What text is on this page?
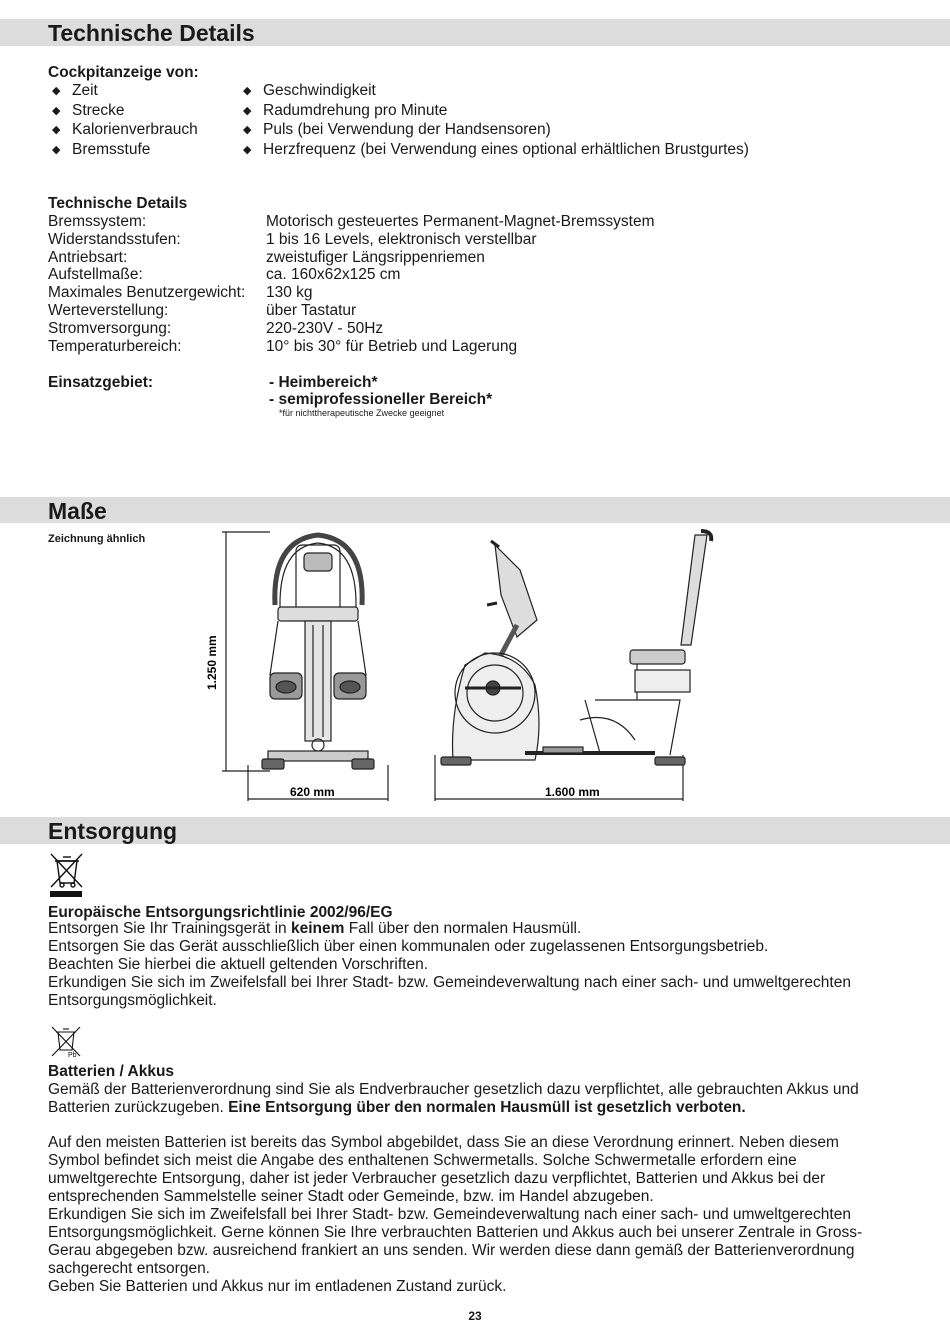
Technische Details
Cockpitanzeige von:
◆ Zeit
◆ Strecke
◆ Kalorienverbrauch
◆ Bremsstufe
◆ Geschwindigkeit
◆ Radumdrehung pro Minute
◆ Puls (bei Verwendung der Handsensoren)
◆ Herzfrequenz (bei Verwendung eines optional erhältlichen Brustgurtes)
Technische Details
Bremssystem:	Motorisch gesteuertes Permanent-Magnet-Bremssystem
Widerstandsstufen:	1 bis 16 Levels, elektronisch verstellbar
Antriebsart:	zweistufiger Längsrippenriemen
Aufstellmaße:	ca. 160x62x125 cm
Maximales Benutzergewicht: 130 kg
Werteverstellung:	über Tastatur
Stromversorgung:	220-230V - 50Hz
Temperaturbereich:	10° bis 30° für Betrieb und Lagerung
Einsatzgebiet:	- Heimbereich*
- semiprofessioneller Bereich*
*für nichttherapeutische Zwecke geeignet
Maße
Zeichnung ähnlich
1.250 mm
620 mm	1.600 mm
Entsorgung
Europäische Entsorgungsrichtlinie 2002/96/EG
Entsorgen Sie Ihr Trainingsgerät in keinem Fall über den normalen Hausmüll.
Entsorgen Sie das Gerät ausschließlich über einen kommunalen oder zugelassenen Entsorgungsbetrieb.
Beachten Sie hierbei die aktuell geltenden Vorschriften.
Erkundigen Sie sich im Zweifelsfall bei Ihrer Stadt- bzw. Gemeindeverwaltung nach einer sach- und umweltgerechten
Entsorgungsmöglichkeit.
Pb
Batterien / Akkus
Gemäß der Batterienverordnung sind Sie als Endverbraucher gesetzlich dazu verpflichtet, alle gebrauchten Akkus und
Batterien zurückzugeben. Eine Entsorgung über den normalen Hausmüll ist gesetzlich verboten.
Auf den meisten Batterien ist bereits das Symbol abgebildet, dass Sie an diese Verordnung erinnert. Neben diesem
Symbol befindet sich meist die Angabe des enthaltenen Schwermetalls. Solche Schwermetalle erfordern eine
umweltgerechte Entsorgung, daher ist jeder Verbraucher gesetzlich dazu verpflichtet, Batterien und Akkus bei der
entsprechenden Sammelstelle seiner Stadt oder Gemeinde, bzw. im Handel abzugeben.
Erkundigen Sie sich im Zweifelsfall bei Ihrer Stadt- bzw. Gemeindeverwaltung nach einer sach- und umweltgerechten
Entsorgungsmöglichkeit. Gerne können Sie Ihre verbrauchten Batterien und Akkus auch bei unserer Zentrale in Gross-
Gerau abgegeben bzw. ausreichend frankiert an uns senden. Wir werden diese dann gemäß der Batterienverordnung
sachgerecht entsorgen.
Geben Sie Batterien und Akkus nur im entladenen Zustand zurück.
23
